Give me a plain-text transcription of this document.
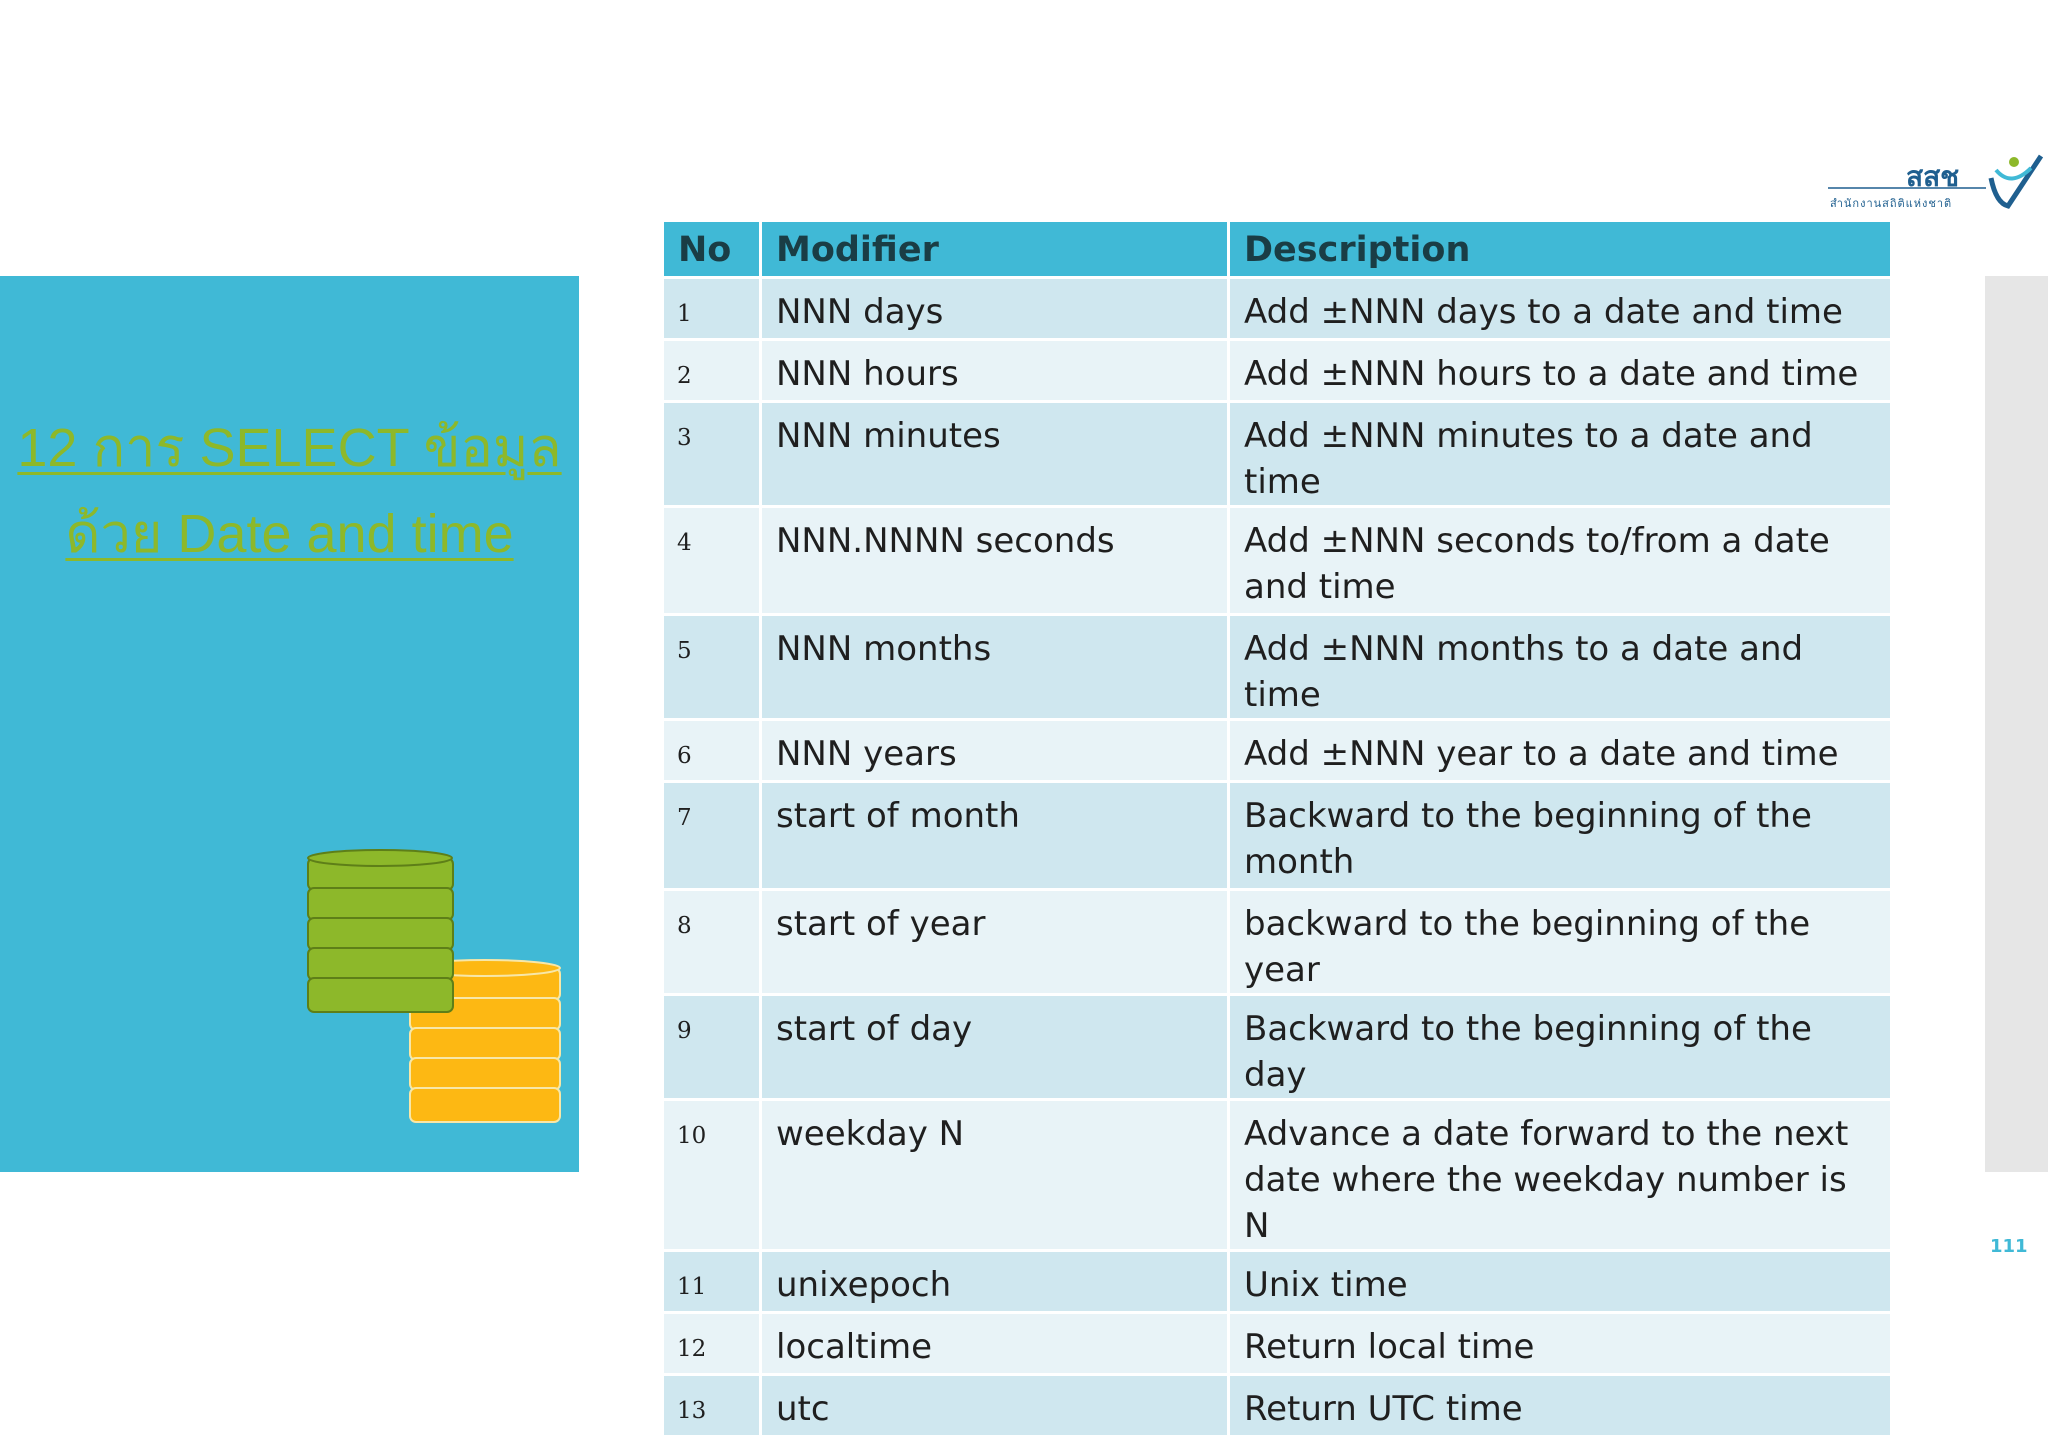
12 การ SELECT ข้อมูล
ด้วย Date and time
สสช
สำนักงานสถิติแห่งชาติ
No	Modifier	Description
1	NNN days	Add ±NNN days to a date and time
2	NNN hours	Add ±NNN hours to a date and time
3	NNN minutes	Add ±NNN minutes to a date and time
4	NNN.NNNN seconds	Add ±NNN seconds to/from a date and time
5	NNN months	Add ±NNN months to a date and time
6	NNN years	Add ±NNN year to a date and time
7	start of month	Backward to the beginning of the month
8	start of year	backward to the beginning of the year
9	start of day	Backward to the beginning of the day
10	weekday N	Advance a date forward to the next date where the weekday number is N
11	unixepoch	Unix time
12	localtime	Return local time
13	utc	Return UTC time
111
